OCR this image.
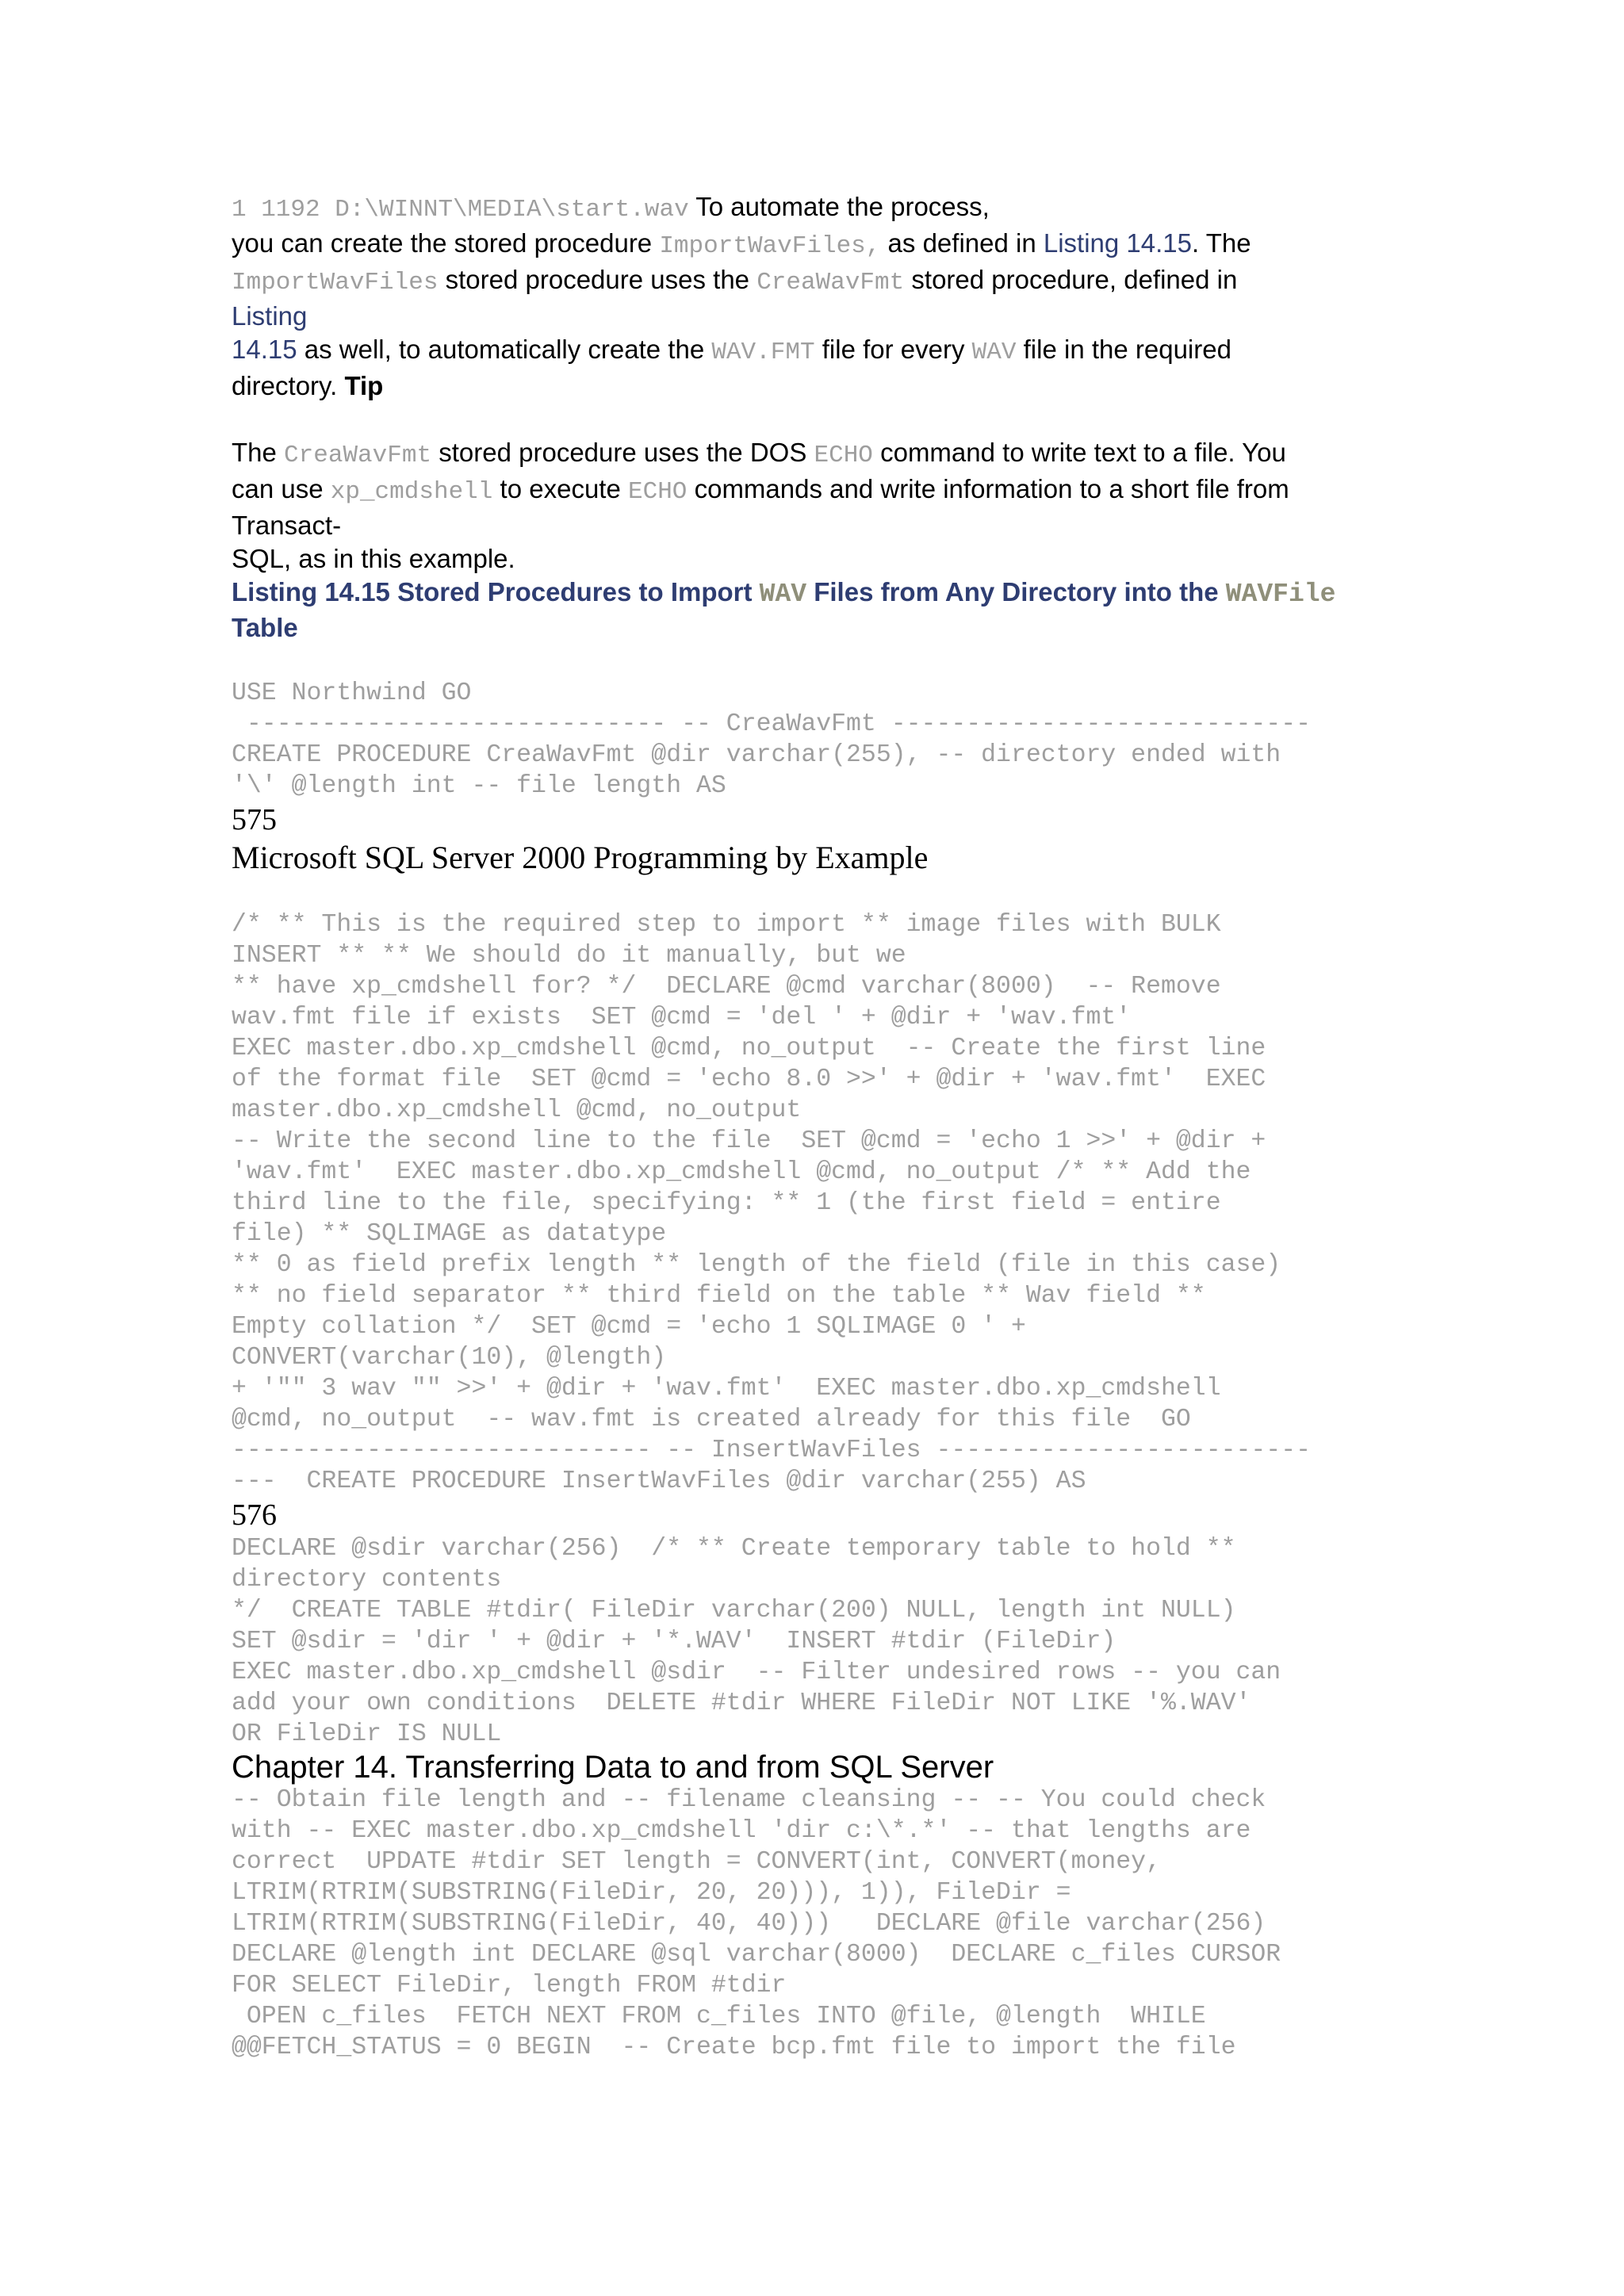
1 1192 D:\WINNT\MEDIA\start.wav To automate the process,
you can create the stored procedure ImportWavFiles, as defined in Listing 14.15. The
ImportWavFiles stored procedure uses the CreaWavFmt stored procedure, defined in
Listing
14.15 as well, to automatically create the WAV.FMT file for every WAV file in the required
directory. Tip

The CreaWavFmt stored procedure uses the DOS ECHO command to write text to a file. You
can use xp_cmdshell to execute ECHO commands and write information to a short file from
Transact-
SQL, as in this example.

Listing 14.15 Stored Procedures to Import WAV Files from Any Directory into the WAVFile
Table

USE Northwind GO
---------------------------- -- CreaWavFmt ----------------------------
CREATE PROCEDURE CreaWavFmt @dir varchar(255), -- directory ended with
'\' @length int -- file length AS

575

Microsoft SQL Server 2000 Programming by Example

/* ** This is the required step to import ** image files with BULK
INSERT ** ** We should do it manually, but we
** have xp_cmdshell for? */  DECLARE @cmd varchar(8000)  -- Remove
wav.fmt file if exists  SET @cmd = 'del ' + @dir + 'wav.fmt'
EXEC master.dbo.xp_cmdshell @cmd, no_output  -- Create the first line
of the format file  SET @cmd = 'echo 8.0 >>' + @dir + 'wav.fmt'  EXEC
master.dbo.xp_cmdshell @cmd, no_output
-- Write the second line to the file  SET @cmd = 'echo 1 >>' + @dir +
'wav.fmt'  EXEC master.dbo.xp_cmdshell @cmd, no_output /* ** Add the
third line to the file, specifying: ** 1 (the first field = entire
file) ** SQLIMAGE as datatype
** 0 as field prefix length ** length of the field (file in this case)
** no field separator ** third field on the table ** Wav field **
Empty collation */  SET @cmd = 'echo 1 SQLIMAGE 0 ' +
CONVERT(varchar(10), @length)
+ '"" 3 wav "" >>' + @dir + 'wav.fmt'  EXEC master.dbo.xp_cmdshell
@cmd, no_output  -- wav.fmt is created already for this file  GO
---------------------------- -- InsertWavFiles -------------------------
---  CREATE PROCEDURE InsertWavFiles @dir varchar(255) AS

576

DECLARE @sdir varchar(256)  /* ** Create temporary table to hold **
directory contents
*/  CREATE TABLE #tdir( FileDir varchar(200) NULL, length int NULL)
SET @sdir = 'dir ' + @dir + '*.WAV'  INSERT #tdir (FileDir)
EXEC master.dbo.xp_cmdshell @sdir  -- Filter undesired rows -- you can
add your own conditions  DELETE #tdir WHERE FileDir NOT LIKE '%.WAV'
OR FileDir IS NULL

Chapter 14. Transferring Data to and from SQL Server

-- Obtain file length and -- filename cleansing -- -- You could check
with -- EXEC master.dbo.xp_cmdshell 'dir c:\*.*' -- that lengths are
correct  UPDATE #tdir SET length = CONVERT(int, CONVERT(money,
LTRIM(RTRIM(SUBSTRING(FileDir, 20, 20))), 1)), FileDir =
LTRIM(RTRIM(SUBSTRING(FileDir, 40, 40)))   DECLARE @file varchar(256)
DECLARE @length int DECLARE @sql varchar(8000)  DECLARE c_files CURSOR
FOR SELECT FileDir, length FROM #tdir
OPEN c_files  FETCH NEXT FROM c_files INTO @file, @length  WHILE
@@FETCH_STATUS = 0 BEGIN  -- Create bcp.fmt file to import the file
